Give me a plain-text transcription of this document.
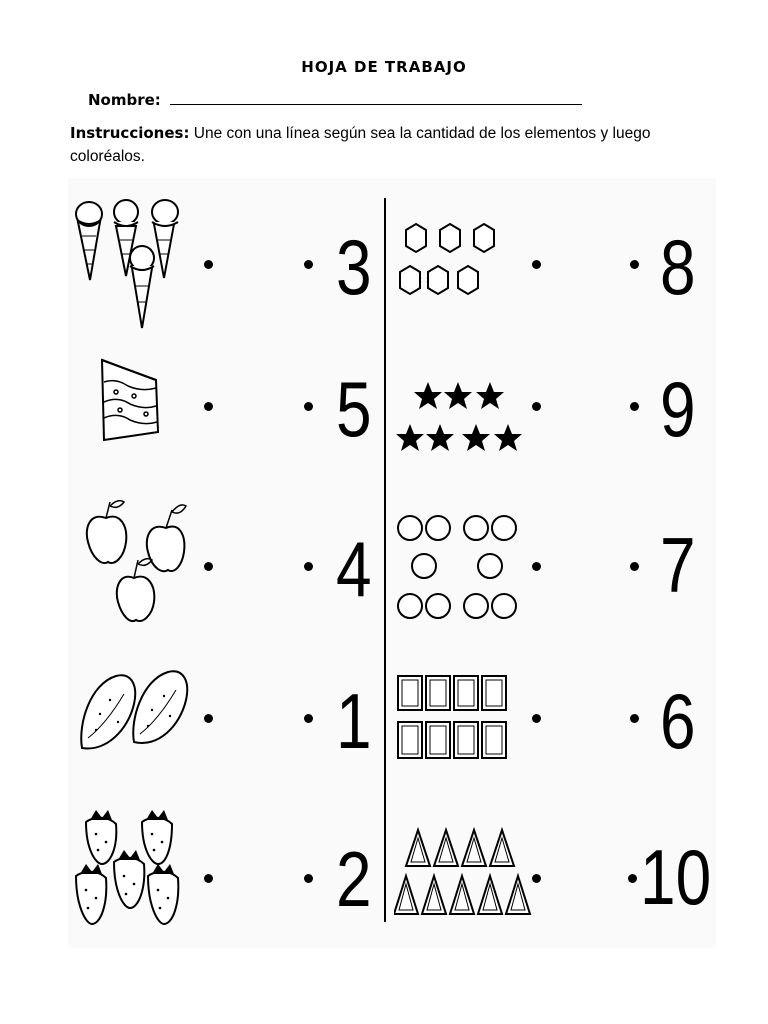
HOJA DE TRABAJO
Nombre:
Instrucciones: Une con una línea según sea la cantidad de los elementos y luego coloréalos.
3	8
5	9
4	7
1	6
2	10
